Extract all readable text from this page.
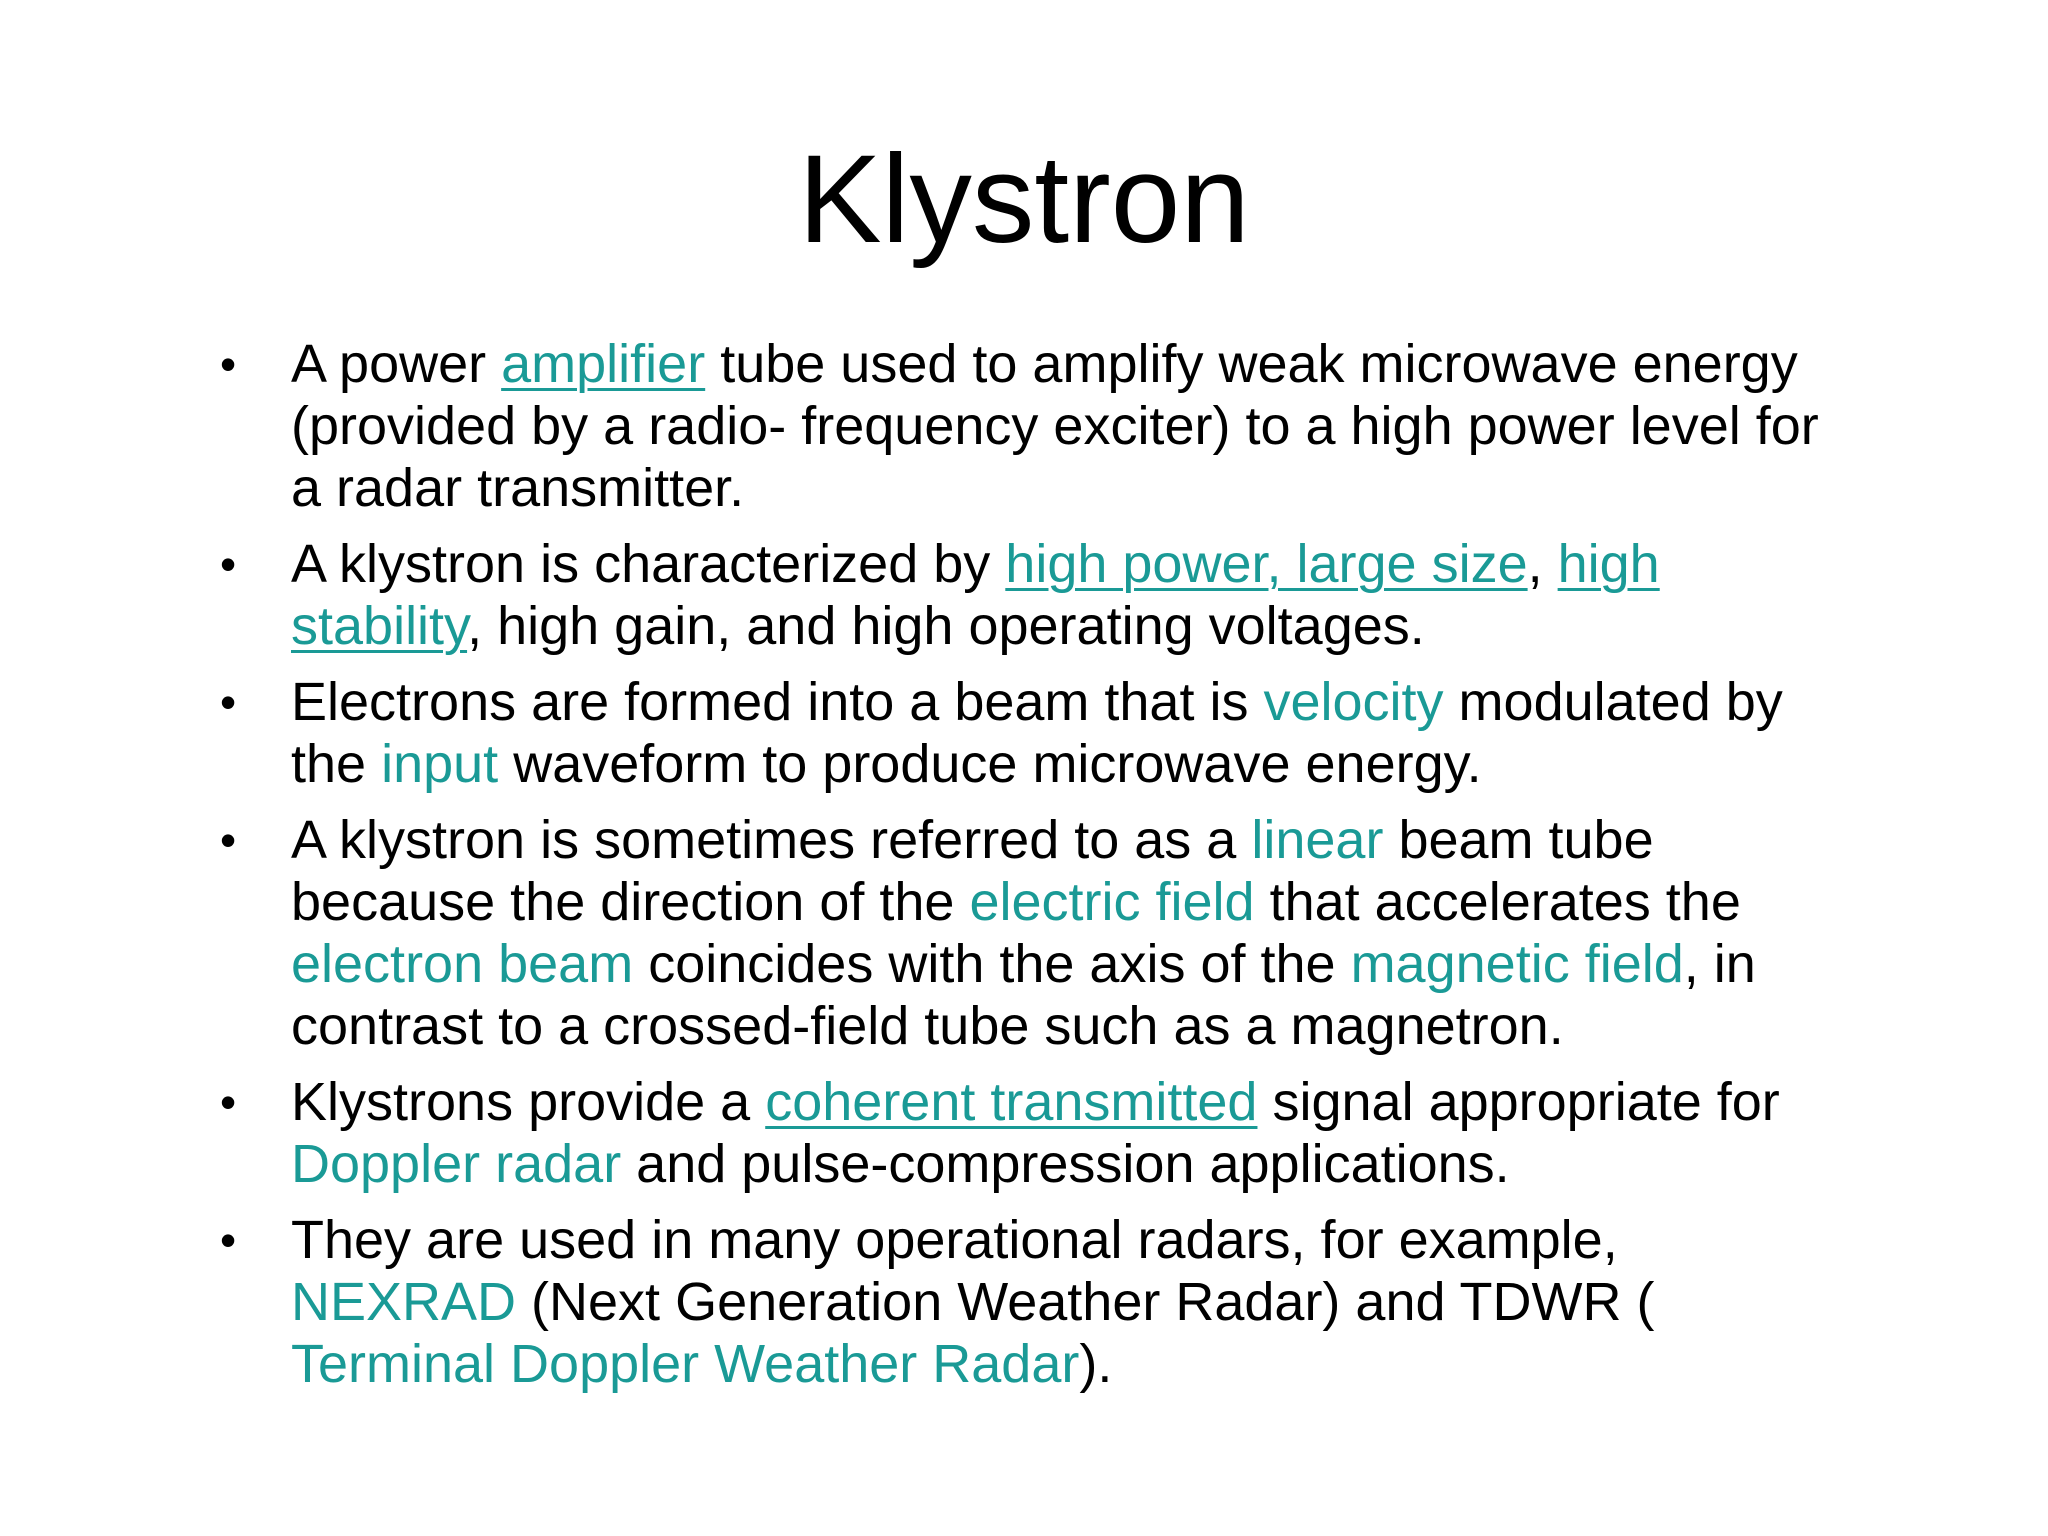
Klystron
•	A power amplifier tube used to amplify weak microwave energy
(provided by a radio- frequency exciter) to a high power level for
a radar transmitter.
•	A klystron is characterized by high power, large size, high
stability, high gain, and high operating voltages.
•	Electrons are formed into a beam that is velocity modulated by
the input waveform to produce microwave energy.
•	A klystron is sometimes referred to as a linear beam tube
because the direction of the electric field that accelerates the
electron beam coincides with the axis of the magnetic field, in
contrast to a crossed-field tube such as a magnetron.
•	Klystrons provide a coherent transmitted signal appropriate for
Doppler radar and pulse-compression applications.
•	They are used in many operational radars, for example,
NEXRAD (Next Generation Weather Radar) and TDWR (
Terminal Doppler Weather Radar).
